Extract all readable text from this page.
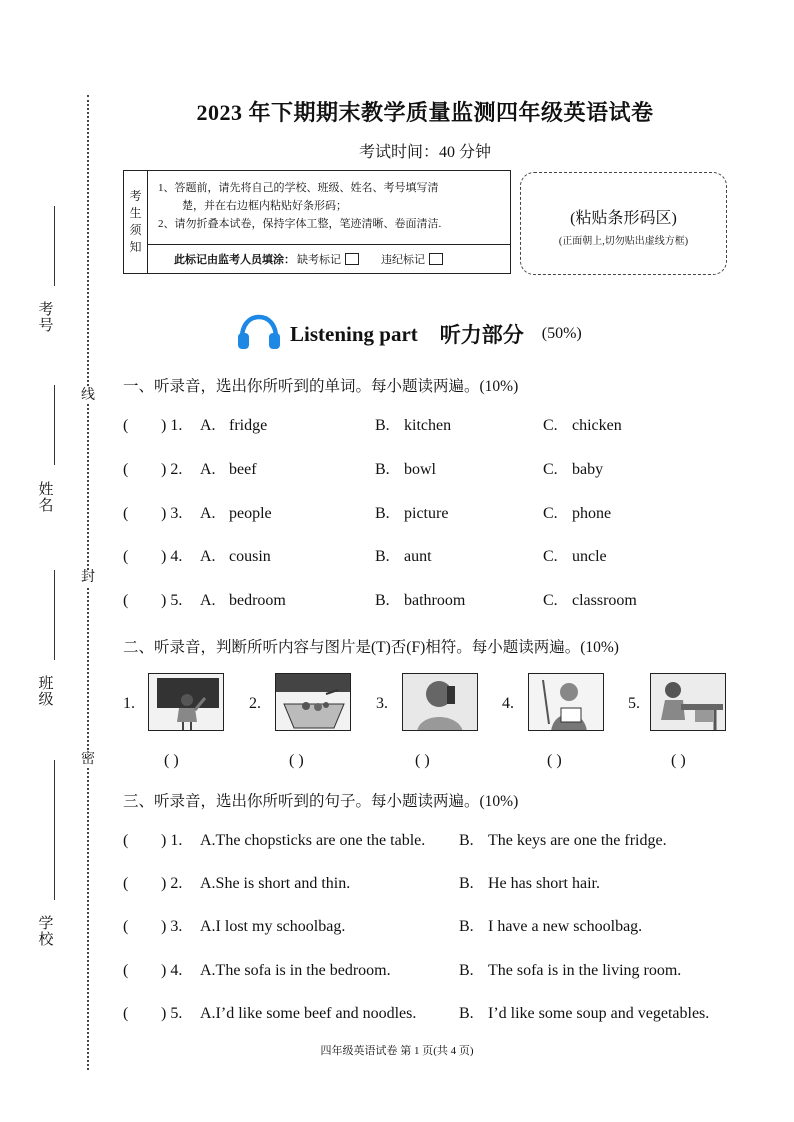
考号
姓名
班级
学校
线
封
密
2023 年下期期末教学质量监测四年级英语试卷
考试时间：40 分钟
考
生
须
知
1、答题前，请先将自己的学校、班级、姓名、考号填写清
楚，并在右边框内粘贴好条形码；
2、请勿折叠本试卷，保持字体工整，笔迹清晰、卷面清洁.
此标记由监考人员填涂： 缺考标记	违纪标记
(粘贴条形码区)
(正面朝上,切勿贴出虚线方框)
Listening part 听力部分 (50%)
一、听录音，选出你所听到的单词。每小题读两遍。(10%)
( ) 1. A. fridge	B. kitchen	C. chicken
( ) 2. A. beef	B. bowl	C. baby
( ) 3. A. people	B. picture	C. phone
( ) 4. A. cousin	B. aunt	C. uncle
( ) 5. A. bedroom	B. bathroom	C. classroom
二、听录音，判断所听内容与图片是(T)否(F)相符。每小题读两遍。(10%)
1.	2.	3.	4.	5.
( )	( )	( )	( )	( )
三、听录音，选出你所听到的句子。每小题读两遍。(10%)
( ) 1. A.The chopsticks are one the table. B. The keys are one the fridge.
( ) 2. A.She is short and thin.	B. He has short hair.
( ) 3. A.I lost my schoolbag.	B. I have a new schoolbag.
( ) 4. A.The sofa is in the bedroom.	B. The sofa is in the living room.
( ) 5. A.I’d like some beef and noodles.	B. I’d like some soup and vegetables.
四年级英语试卷 第 1 页(共 4 页)
